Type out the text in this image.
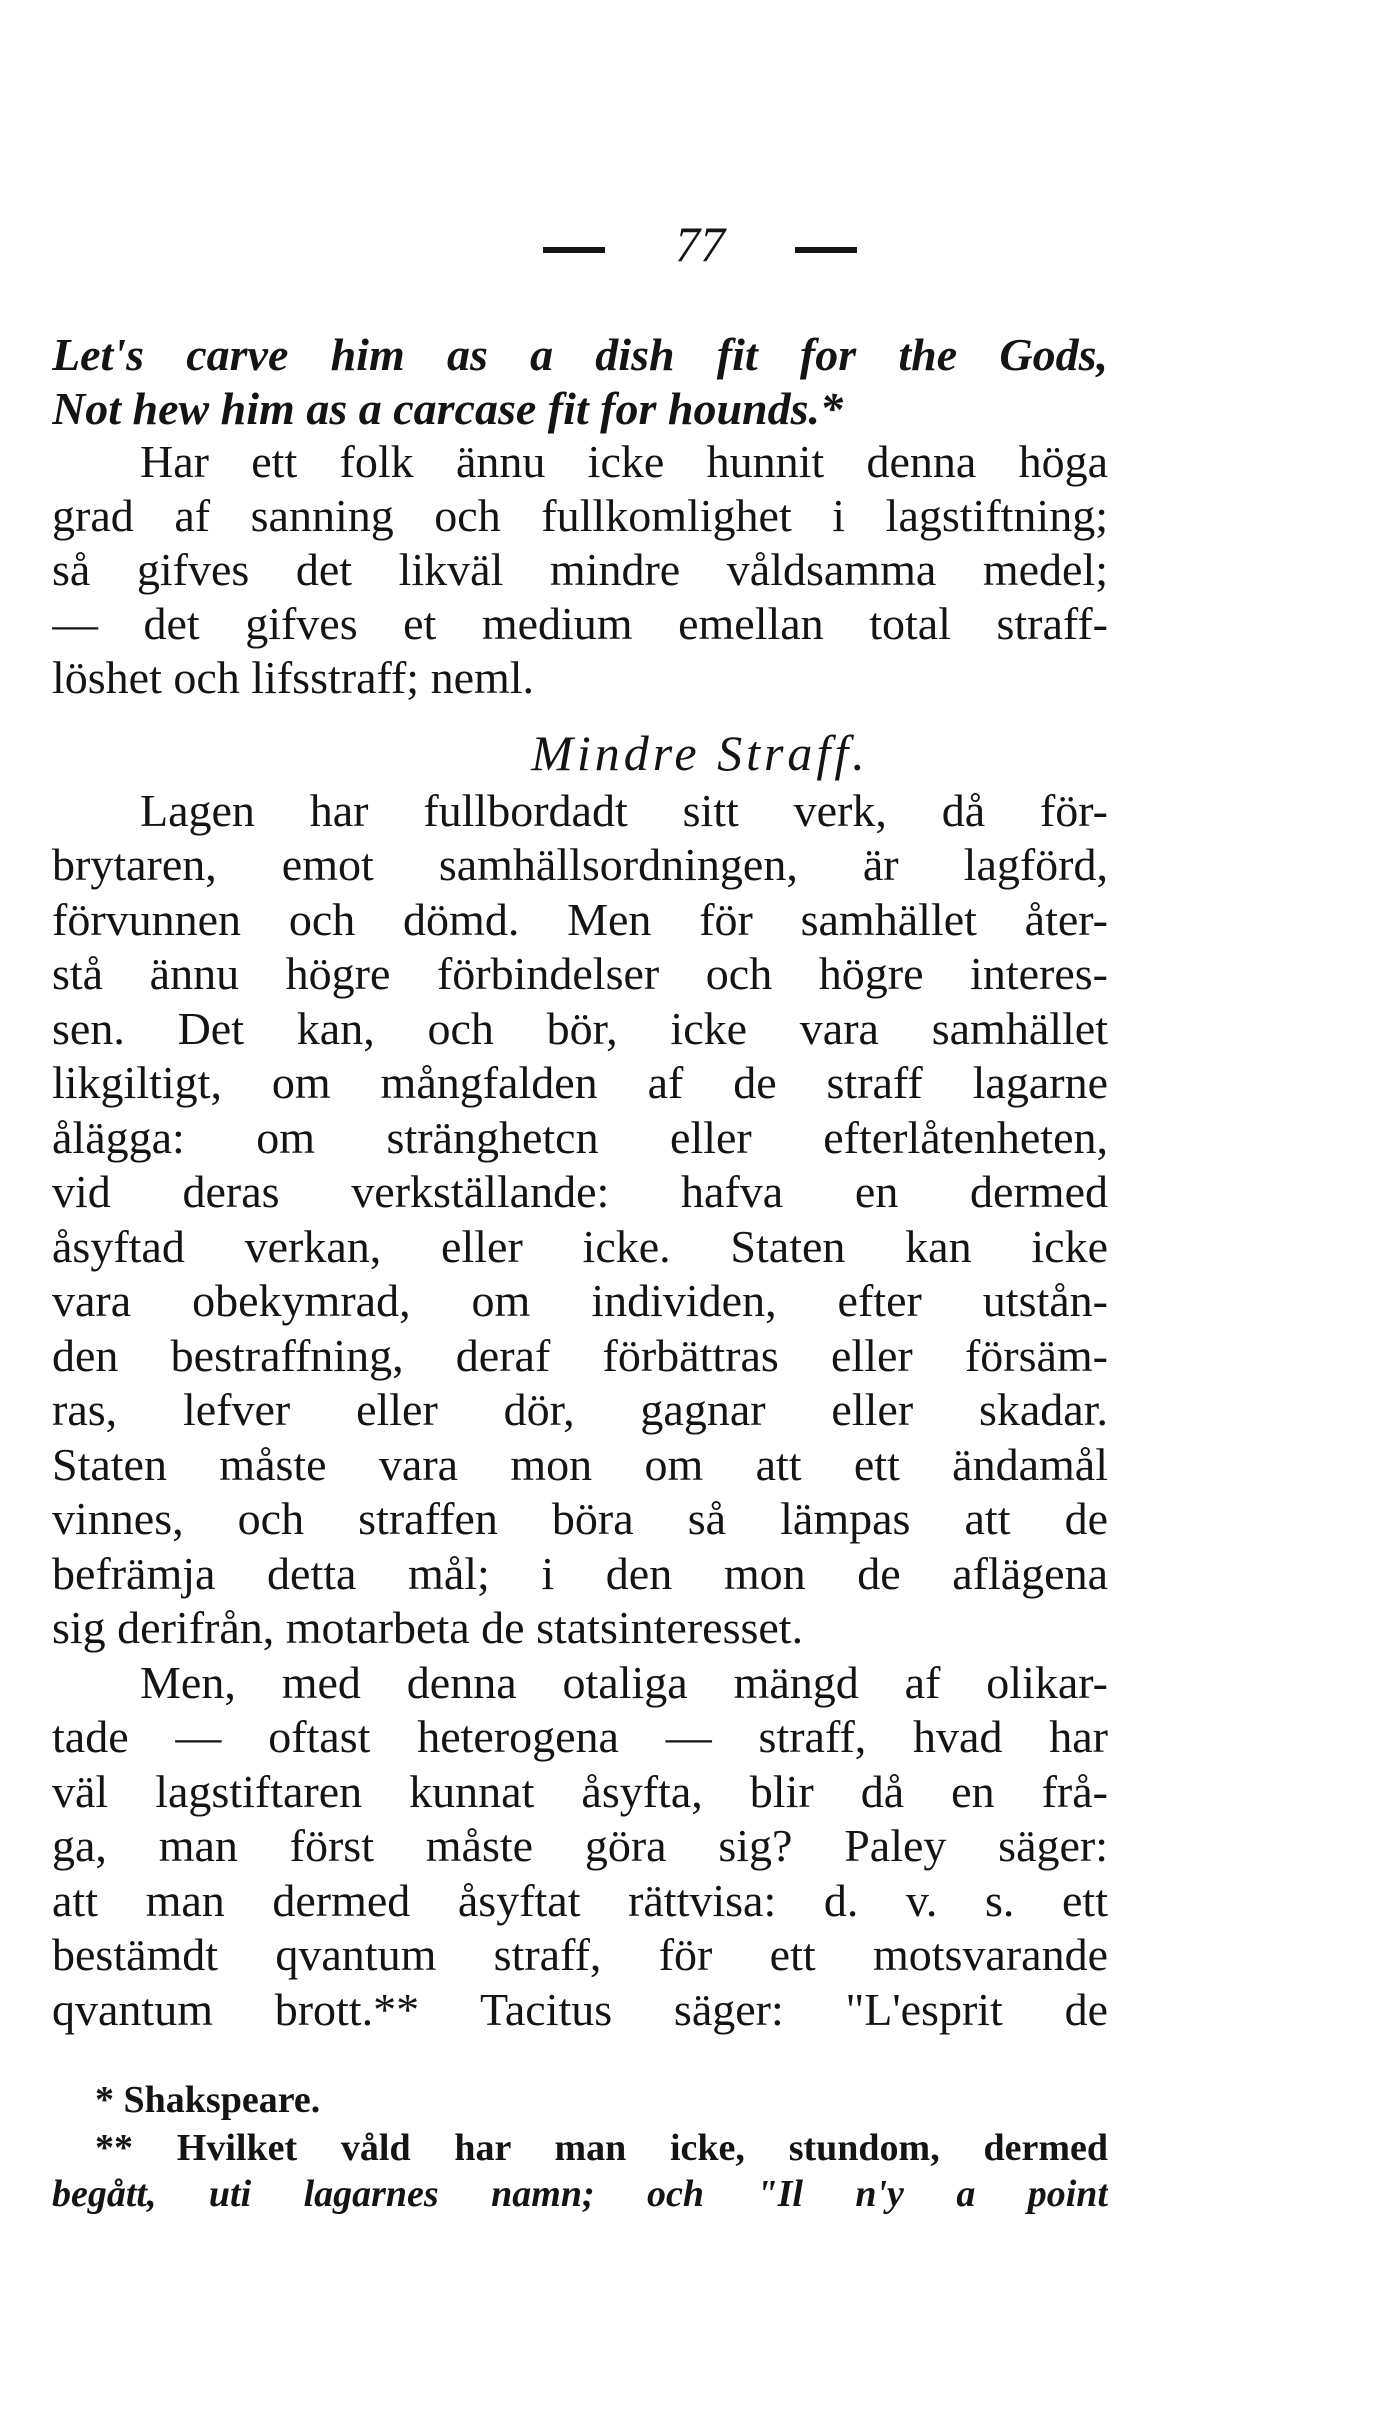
77
Let's carve him as a dish fit for the Gods,
Not hew him as a carcase fit for hounds.*
Har ett folk ännu icke hunnit denna höga
grad af sanning och fullkomlighet i lagstiftning;
så gifves det likväl mindre våldsamma medel;
— det gifves et medium emellan total straff-
löshet och lifsstraff; neml.
Mindre Straff.
Lagen har fullbordadt sitt verk, då för-
brytaren, emot samhällsordningen, är lagförd,
förvunnen och dömd. Men för samhället åter-
stå ännu högre förbindelser och högre interes-
sen. Det kan, och bör, icke vara samhället
likgiltigt, om mångfalden af de straff lagarne
ålägga: om stränghetcn eller efterlåtenheten,
vid deras verkställande: hafva en dermed
åsyftad verkan, eller icke. Staten kan icke
vara obekymrad, om individen, efter utstån-
den bestraffning, deraf förbättras eller försäm-
ras, lefver eller dör, gagnar eller skadar.
Staten måste vara mon om att ett ändamål
vinnes, och straffen böra så lämpas att de
befrämja detta mål; i den mon de aflägena
sig derifrån, motarbeta de statsinteresset.
Men, med denna otaliga mängd af olikar-
tade — oftast heterogena — straff, hvad har
väl lagstiftaren kunnat åsyfta, blir då en frå-
ga, man först måste göra sig? Paley säger:
att man dermed åsyftat rättvisa: d. v. s. ett
bestämdt qvantum straff, för ett motsvarande
qvantum brott.** Tacitus säger: "L'esprit de
* Shakspeare.
** Hvilket våld har man icke, stundom, dermed
begått, uti lagarnes namn; och "Il n'y a point
